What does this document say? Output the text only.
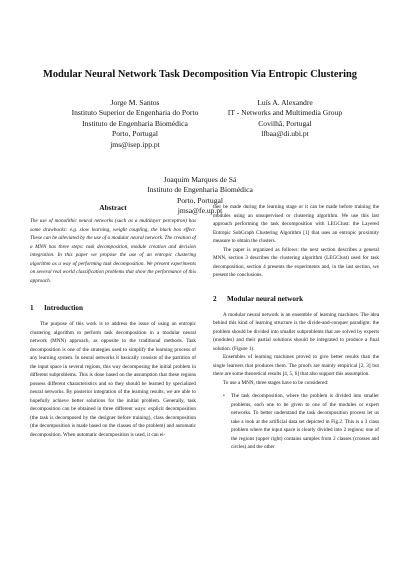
Modular Neural Network Task Decomposition Via Entropic Clustering
Jorge M. Santos
Instituto Superior de Engenharia do Porto
Instituto de Engenharia Biomédica
Porto, Portugal
jms@isep.ipp.pt
Luís A. Alexandre
IT - Networks and Multimedia Group
Covilhã, Portugal
lfbaa@di.ubi.pt
Joaquim Marques de Sá
Instituto de Engenharia Biomédica
Porto, Portugal
jmsa@fe.up.pt
Abstract
The use of monolithic neural networks (such as a multilayer perceptron) has some drawbacks: e.g. slow learning, weight coupling, the black box effect. These can be alleviated by the use of a modular neural network. The creation of a MNN has three steps: task decomposition, module creation and decision integration. In this paper we propose the use of an entropic clustering algorithm as a way of performing task decomposition. We present experiments on several real world classification problems that show the performance of this approach.
1 Introduction

The purpose of this work is to address the issue of using an entropic clustering algorithm to perform task decomposition in a modular neural network (MNN) approach, as opposite to the traditional methods. Task decomposition is one of the strategies used to simplify the learning process of any learning system. In neural networks it basically consists of the partition of the input space in several regions, this way decomposing the initial problem in different subproblems. This is done based on the assumption that these regions possess different characteristics and so they should be learned by specialized neural networks. By posterior integration of the learning results, we are able to hopefully achieve better solutions for the initial problem. Generally, task decomposition can be obtained in three different ways: explicit decomposition (the task is decomposed by the designer before training), class decomposition (the decomposition is made based on the classes of the problem) and automatic decomposition. When automatic decomposition is used, it can ei-

ther be made during the learning stage or it can be made before training the modules using an unsupervised or clustering algorithm. We use this last approach performing the task decomposition with LEGClust: the Layered Entropic SubGraph Clustering Algorithm [1] that uses an entropic proximity measure to obtain the clusters.

The paper is organized as follows: the next section describes a general MNN, section 3 describes the clustering algorithm (LEGClust) used for task decomposition, section 4 presents the experiments and, in the last section, we present the conclusions.

2 Modular neural network

A modular neural network is an ensemble of learning machines. The idea behind this kind of learning structure is the divide-and-conquer paradigm: the problem should be divided into smaller subproblems that are solved by experts (modules) and their partial solutions should be integrated to produce a final solution. (Figure 1).

Ensembles of learning machines proved to give better results than the single learners that produces them. The proofs are mainly empirical [2, 3] but there are some theoretical results [4, 5, 6] that also support this assumption.

To use a MNN, three stages have to be considered:

• The task decomposition, where the problem is divided into smaller problems, each one to be given to one of the modules or expert networks. To better understand the task decomposition process let us take a look at the artificial data set depicted in Fig.2. This is a 3 class problem where the input space is clearly divided into 2 regions: one of the regions (upper right) contains samples from 2 classes (crosses and circles) and the other
